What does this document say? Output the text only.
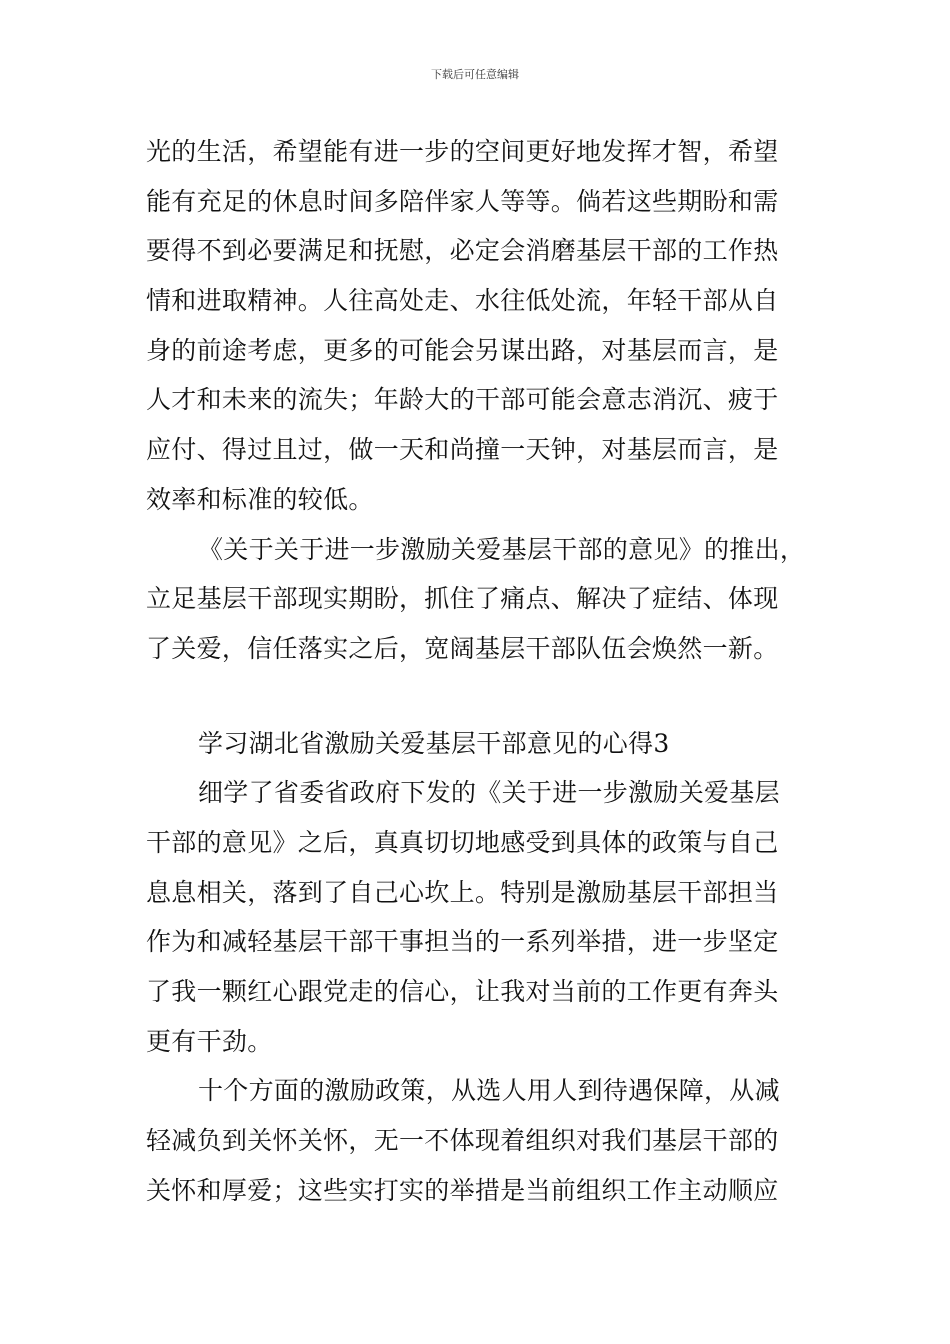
下载后可任意编辑
光的生活，希望能有进一步的空间更好地发挥才智，希望
能有充足的休息时间多陪伴家人等等。倘若这些期盼和需
要得不到必要满足和抚慰，必定会消磨基层干部的工作热
情和进取精神。人往高处走、水往低处流，年轻干部从自
身的前途考虑，更多的可能会另谋出路，对基层而言，是
人才和未来的流失；年龄大的干部可能会意志消沉、疲于
应付、得过且过，做一天和尚撞一天钟，对基层而言，是
效率和标准的较低。
《关于关于进一步激励关爱基层干部的意见》的推出，
立足基层干部现实期盼，抓住了痛点、解决了症结、体现
了关爱，信任落实之后，宽阔基层干部队伍会焕然一新。
学习湖北省激励关爱基层干部意见的心得3
细学了省委省政府下发的《关于进一步激励关爱基层
干部的意见》之后，真真切切地感受到具体的政策与自己
息息相关，落到了自己心坎上。特别是激励基层干部担当
作为和减轻基层干部干事担当的一系列举措，进一步坚定
了我一颗红心跟党走的信心，让我对当前的工作更有奔头
更有干劲。
十个方面的激励政策，从选人用人到待遇保障，从减
轻减负到关怀关怀，无一不体现着组织对我们基层干部的
关怀和厚爱；这些实打实的举措是当前组织工作主动顺应
